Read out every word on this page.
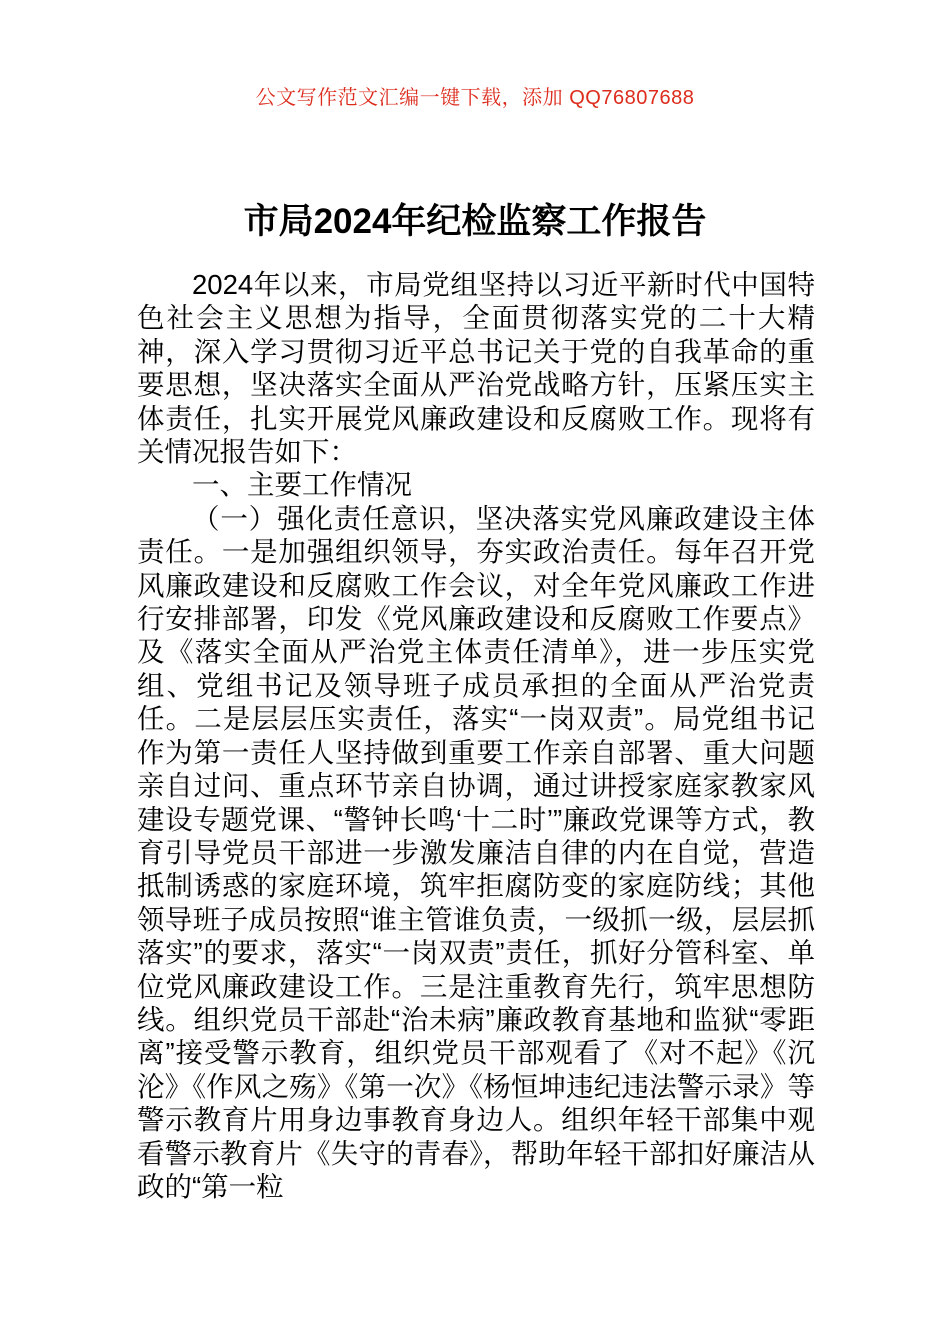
公文写作范文汇编一键下载，添加 QQ76807688
市局2024年纪检监察工作报告

2024年以来，市局党组坚持以习近平新时代中国特色社会主义思想为指导，全面贯彻落实党的二十大精神，深入学习贯彻习近平总书记关于党的自我革命的重要思想，坚决落实全面从严治党战略方针，压紧压实主体责任，扎实开展党风廉政建设和反腐败工作。现将有关情况报告如下：

一、主要工作情况

（一）强化责任意识，坚决落实党风廉政建设主体责任。一是加强组织领导，夯实政治责任。每年召开党风廉政建设和反腐败工作会议，对全年党风廉政工作进行安排部署，印发《党风廉政建设和反腐败工作要点》及《落实全面从严治党主体责任清单》，进一步压实党组、党组书记及领导班子成员承担的全面从严治党责任。二是层层压实责任，落实“一岗双责”。局党组书记作为第一责任人坚持做到重要工作亲自部署、重大问题亲自过问、重点环节亲自协调，通过讲授家庭家教家风建设专题党课、“警钟长鸣‘十二时’”廉政党课等方式，教育引导党员干部进一步激发廉洁自律的内在自觉，营造抵制诱惑的家庭环境，筑牢拒腐防变的家庭防线；其他领导班子成员按照“谁主管谁负责，一级抓一级，层层抓落实”的要求，落实“一岗双责”责任，抓好分管科室、单位党风廉政建设工作。三是注重教育先行，筑牢思想防线。组织党员干部赴“治未病”廉政教育基地和监狱“零距离”接受警示教育，组织党员干部观看了《对不起》《沉沦》《作风之殇》《第一次》《杨恒坤违纪违法警示录》等警示教育片用身边事教育身边人。组织年轻干部集中观看警示教育片《失守的青春》，帮助年轻干部扣好廉洁从政的“第一粒
